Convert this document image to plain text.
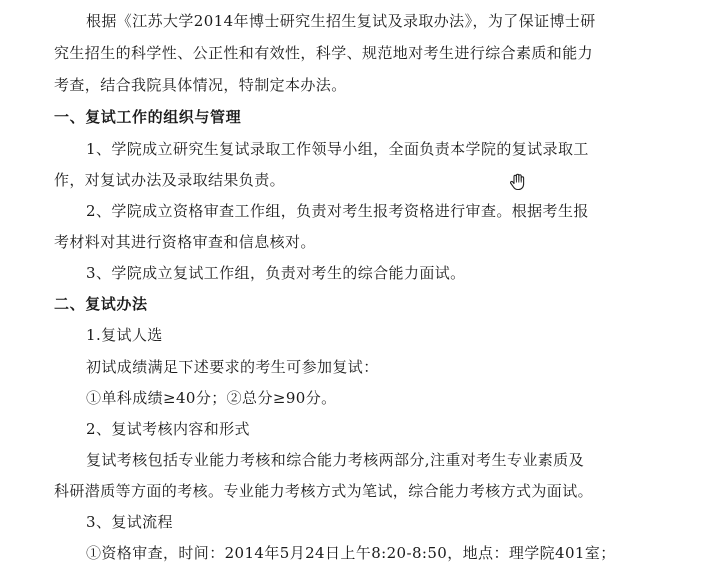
根据《江苏大学2014年博士研究生招生复试及录取办法》，为了保证博士研
究生招生的科学性、公正性和有效性，科学、规范地对考生进行综合素质和能力
考查，结合我院具体情况，特制定本办法。
一、复试工作的组织与管理
1、学院成立研究生复试录取工作领导小组，全面负责本学院的复试录取工
作，对复试办法及录取结果负责。
2、学院成立资格审查工作组，负责对考生报考资格进行审查。根据考生报
考材料对其进行资格审查和信息核对。
3、学院成立复试工作组，负责对考生的综合能力面试。
二、复试办法
1.复试人选
初试成绩满足下述要求的考生可参加复试：
①单科成绩≥40分；②总分≥90分。
2、复试考核内容和形式
复试考核包括专业能力考核和综合能力考核两部分,注重对考生专业素质及
科研潜质等方面的考核。专业能力考核方式为笔试，综合能力考核方式为面试。
3、复试流程
①资格审查，时间：2014年5月24日上午8:20-8:50，地点：理学院401室；
